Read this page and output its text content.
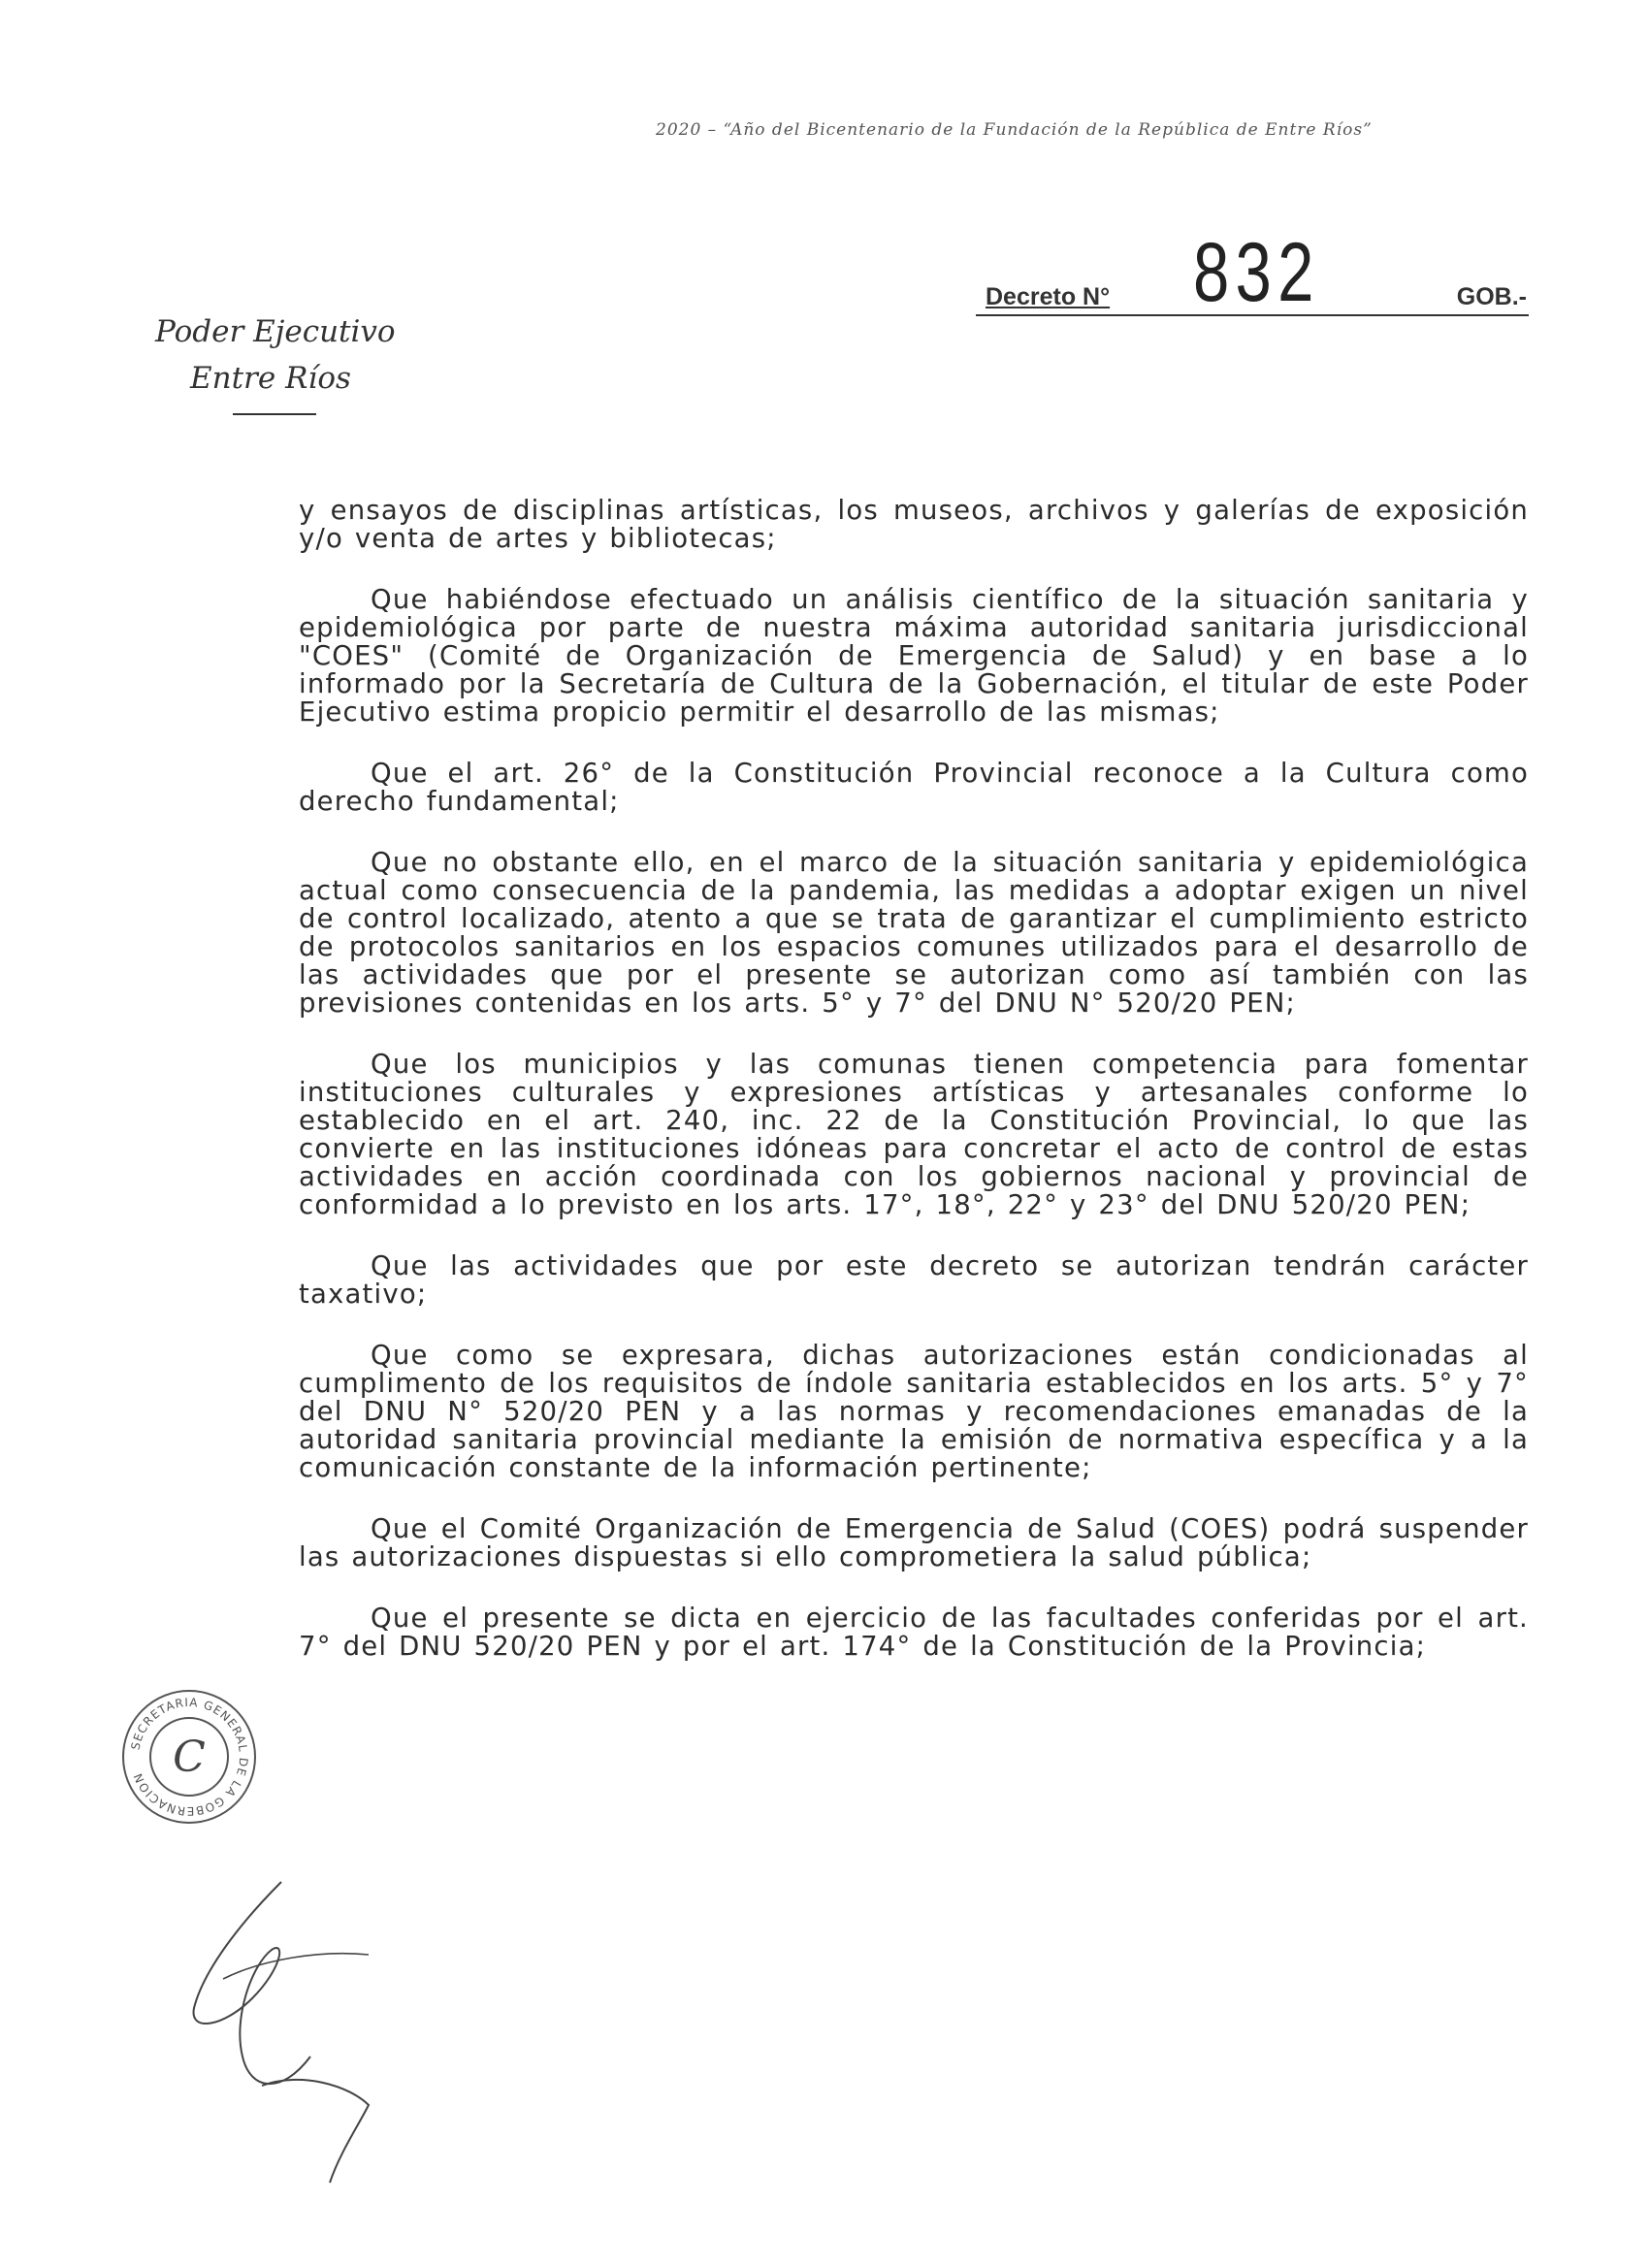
2020 – “Año del Bicentenario de la Fundación de la República de Entre Ríos”
Decreto N° 832	GOB.-
Poder Ejecutivo
Entre Ríos

y ensayos de disciplinas artísticas, los museos, archivos y galerías de exposición y/o venta de artes y bibliotecas;

Que habiéndose efectuado un análisis científico de la situación sanitaria y epidemiológica por parte de nuestra máxima autoridad sanitaria jurisdiccional "COES" (Comité de Organización de Emergencia de Salud) y en base a lo informado por la Secretaría de Cultura de la Gobernación, el titular de este Poder Ejecutivo estima propicio permitir el desarrollo de las mismas;

Que el art. 26° de la Constitución Provincial reconoce a la Cultura como derecho fundamental;

Que no obstante ello, en el marco de la situación sanitaria y epidemiológica actual como consecuencia de la pandemia, las medidas a adoptar exigen un nivel de control localizado, atento a que se trata de garantizar el cumplimiento estricto de protocolos sanitarios en los espacios comunes utilizados para el desarrollo de las actividades que por el presente se autorizan como así también con las previsiones contenidas en los arts. 5° y 7° del DNU N° 520/20 PEN;

Que los municipios y las comunas tienen competencia para fomentar instituciones culturales y expresiones artísticas y artesanales conforme lo establecido en el art. 240, inc. 22 de la Constitución Provincial, lo que las convierte en las instituciones idóneas para concretar el acto de control de estas actividades en acción coordinada con los gobiernos nacional y provincial de conformidad a lo previsto en los arts. 17°, 18°, 22° y 23° del DNU 520/20 PEN;

Que las actividades que por este decreto se autorizan tendrán carácter taxativo;

Que como se expresara, dichas autorizaciones están condicionadas al cumplimento de los requisitos de índole sanitaria establecidos en los arts. 5° y 7° del DNU N° 520/20 PEN y a las normas y recomendaciones emanadas de la autoridad sanitaria provincial mediante la emisión de normativa específica y a la comunicación constante de la información pertinente;

Que el Comité Organización de Emergencia de Salud (COES) podrá suspender las autorizaciones dispuestas si ello comprometiera la salud pública;

Que el presente se dicta en ejercicio de las facultades conferidas por el art. 7° del DNU 520/20 PEN y por el art. 174° de la Constitución de la Provincia;

SECRETARIA GENERAL DE LA GOBERNACION C
